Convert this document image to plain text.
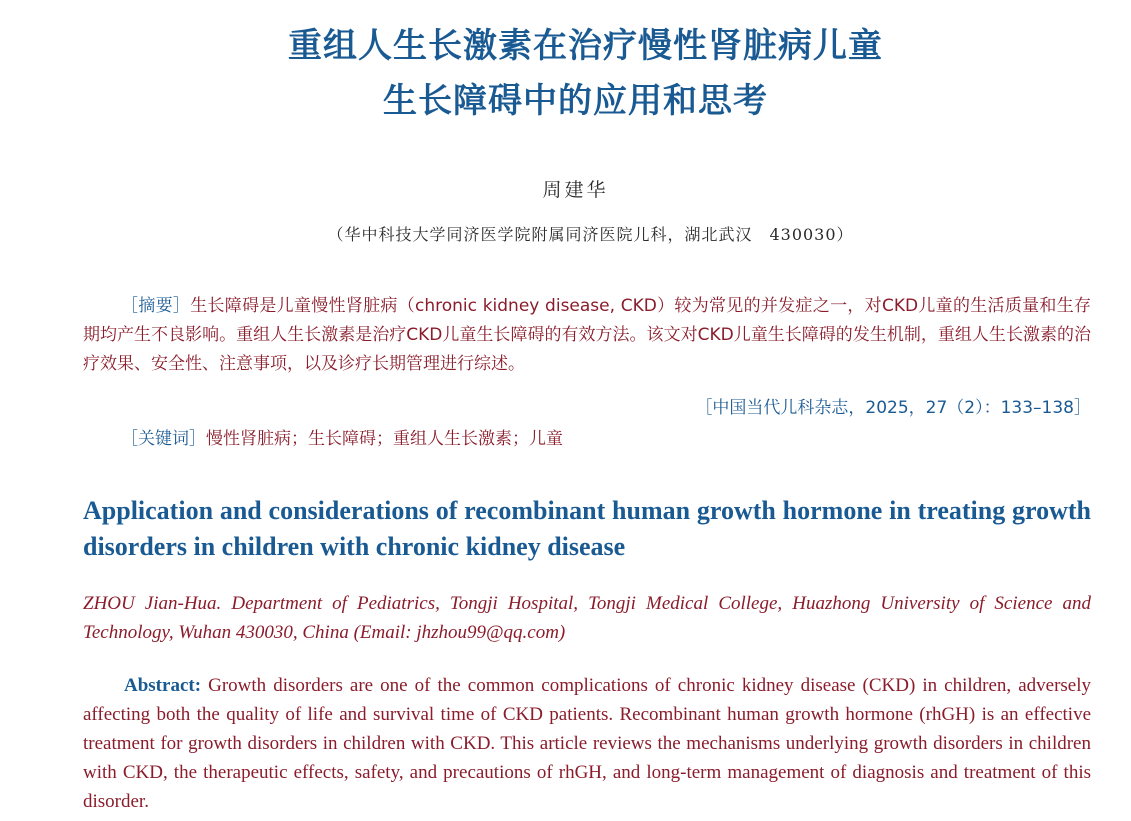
重组人生长激素在治疗慢性肾脏病儿童
生长障碍中的应用和思考
周建华
（华中科技大学同济医学院附属同济医院儿科，湖北武汉　430030）
［摘要］生长障碍是儿童慢性肾脏病（chronic kidney disease, CKD）较为常见的并发症之一，对CKD儿童的生活质量和生存期均产生不良影响。重组人生长激素是治疗CKD儿童生长障碍的有效方法。该文对CKD儿童生长障碍的发生机制，重组人生长激素的治疗效果、安全性、注意事项，以及诊疗长期管理进行综述。
［中国当代儿科杂志，2025，27（2）：133–138］
［关键词］慢性肾脏病；生长障碍；重组人生长激素；儿童
Application and considerations of recombinant human growth hormone in treating growth disorders in children with chronic kidney disease
ZHOU Jian-Hua. Department of Pediatrics, Tongji Hospital, Tongji Medical College, Huazhong University of Science and Technology, Wuhan 430030, China (Email: jhzhou99@qq.com)
Abstract: Growth disorders are one of the common complications of chronic kidney disease (CKD) in children, adversely affecting both the quality of life and survival time of CKD patients. Recombinant human growth hormone (rhGH) is an effective treatment for growth disorders in children with CKD. This article reviews the mechanisms underlying growth disorders in children with CKD, the therapeutic effects, safety, and precautions of rhGH, and long-term management of diagnosis and treatment of this disorder.
